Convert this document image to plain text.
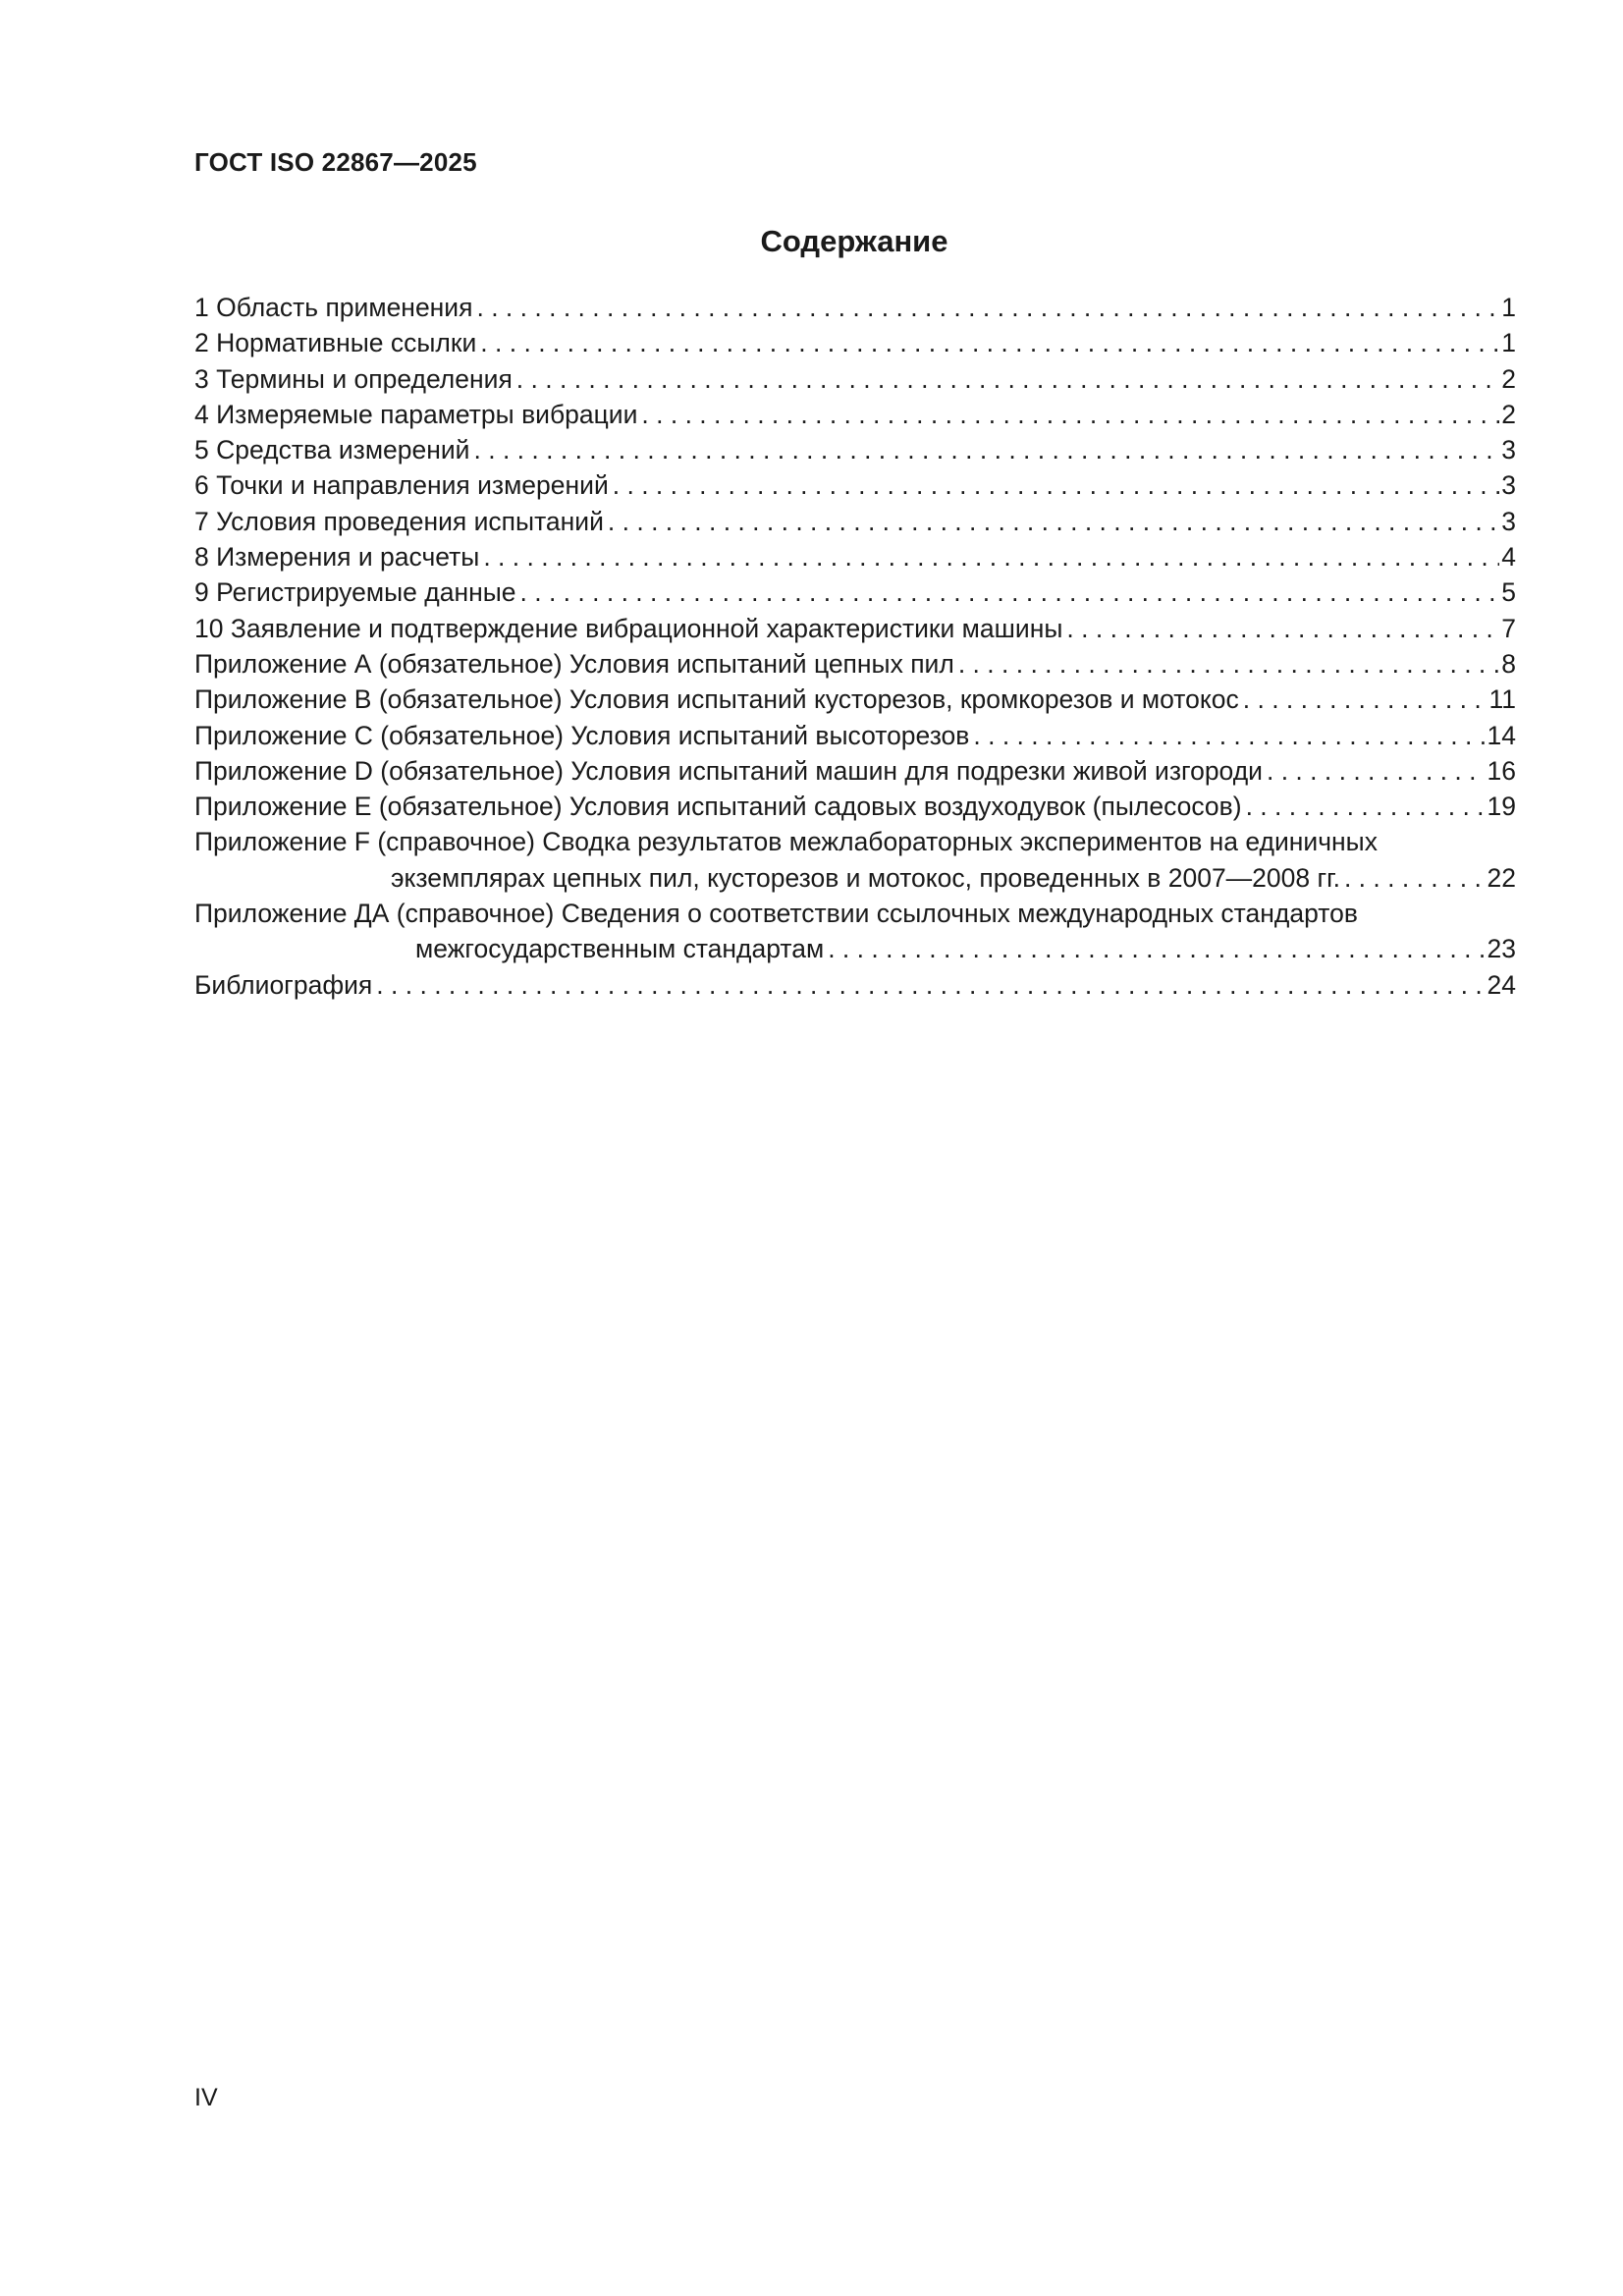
ГОСТ ISO 22867—2025
Содержание
1 Область применения . . .	1
2 Нормативные ссылки . . .	1
3 Термины и определения . . .	2
4 Измеряемые параметры вибрации . . .	2
5 Средства измерений . . .	3
6 Точки и направления измерений . . .	3
7 Условия проведения испытаний . . .	3
8 Измерения и расчеты . . .	4
9 Регистрируемые данные . . .	5
10 Заявление и подтверждение вибрационной характеристики машины . . .	7
Приложение А (обязательное) Условия испытаний цепных пил . . .	8
Приложение В (обязательное) Условия испытаний кусторезов, кромкорезов и мотокос . . .	11
Приложение С (обязательное) Условия испытаний высоторезов . . .	14
Приложение D (обязательное) Условия испытаний машин для подрезки живой изгороди . . .	16
Приложение Е (обязательное) Условия испытаний садовых воздуходувок (пылесосов) . . .	19
Приложение F (справочное) Сводка результатов межлабораторных экспериментов на единичных
экземплярах цепных пил, кусторезов и мотокос, проведенных в 2007—2008 гг. . . .	22
Приложение ДА (справочное) Сведения о соответствии ссылочных международных стандартов
межгосударственным стандартам . . .	23
Библиография . . .	24
IV
